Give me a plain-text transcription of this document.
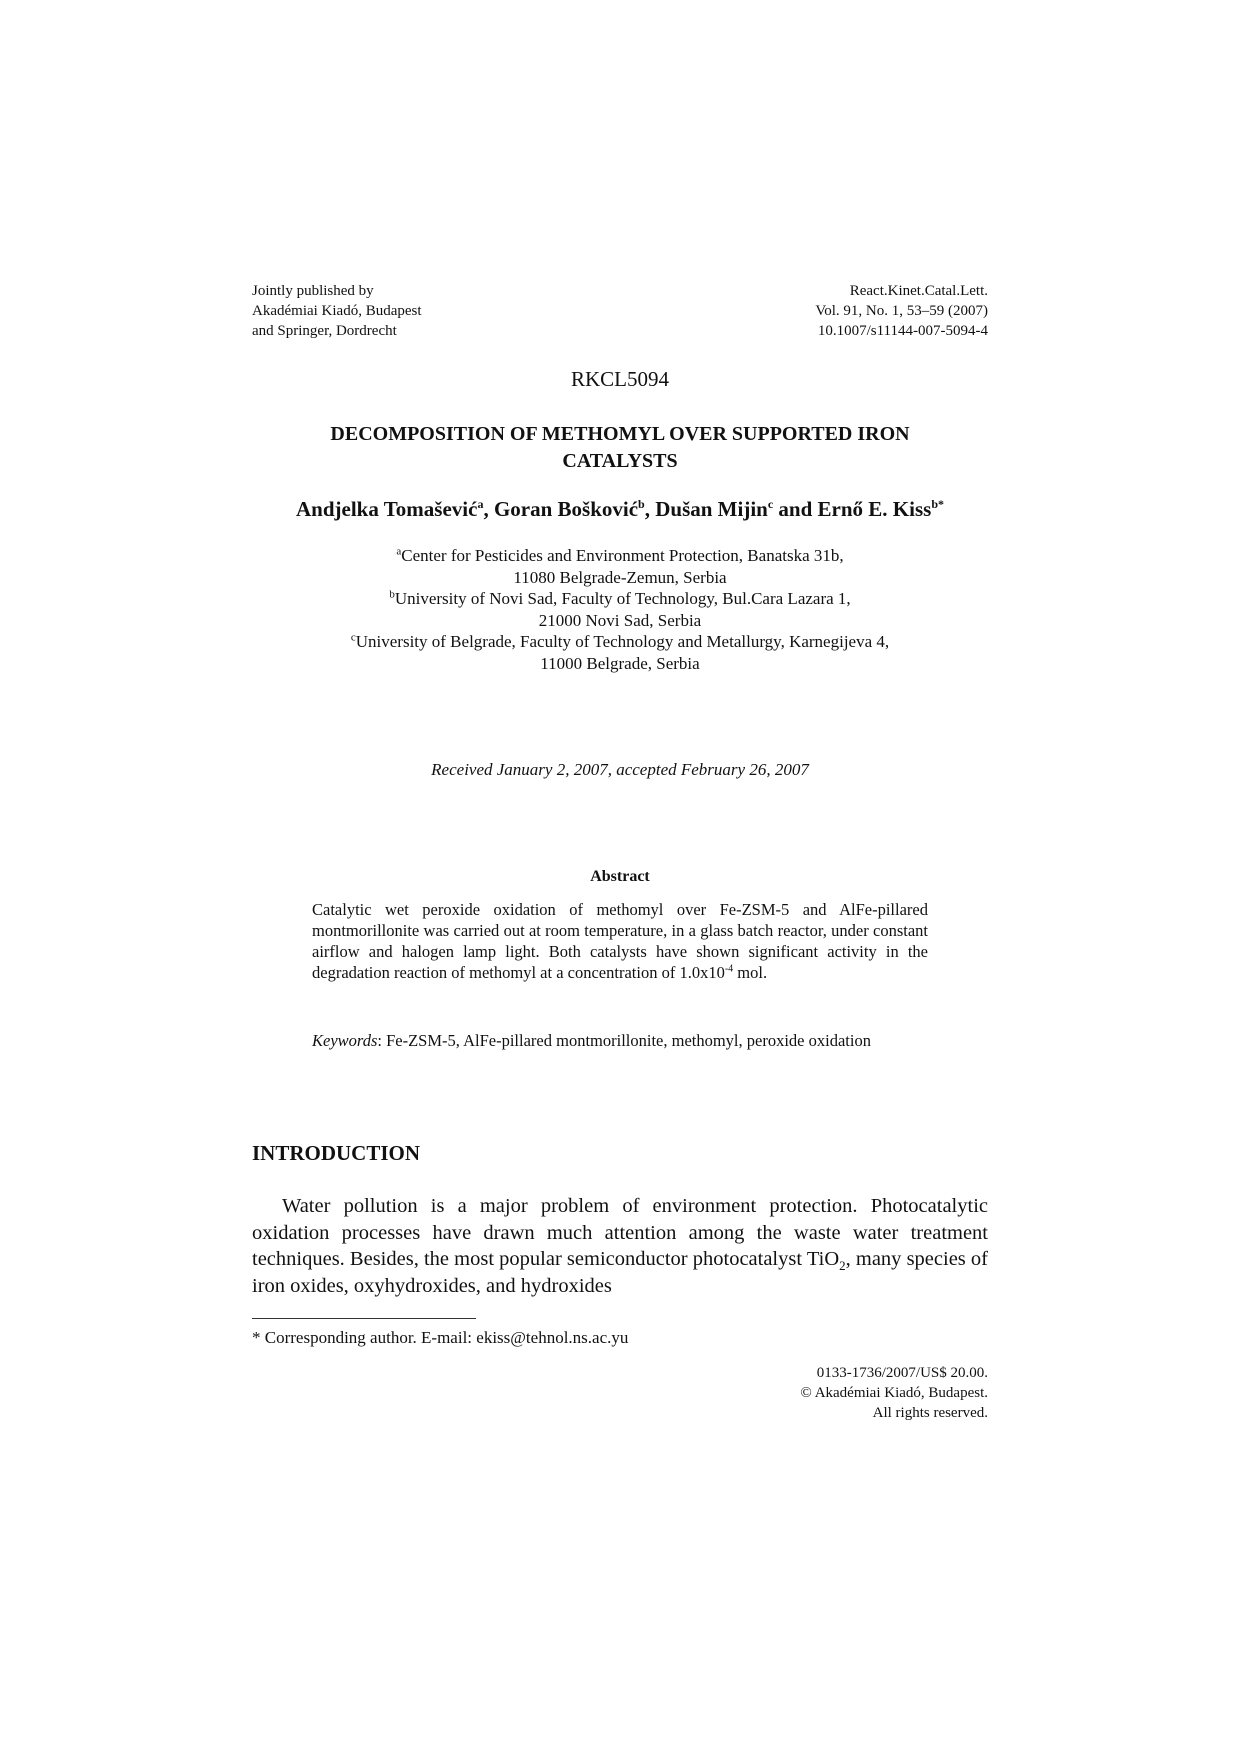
Jointly published by
Akadémiai Kiadó, Budapest
and Springer, Dordrecht
React.Kinet.Catal.Lett.
Vol. 91, No. 1, 53–59 (2007)
10.1007/s11144-007-5094-4
RKCL5094
DECOMPOSITION OF METHOMYL OVER SUPPORTED IRON
CATALYSTS
Andjelka Tomašević$^a$, Goran Bošković$^b$, Dušan Mijin$^c$ and Ernő E. Kiss$^{b*}$
$^a$Center for Pesticides and Environment Protection, Banatska 31b,
11080 Belgrade-Zemun, Serbia
$^b$University of Novi Sad, Faculty of Technology, Bul.Cara Lazara 1,
21000 Novi Sad, Serbia
$^c$University of Belgrade, Faculty of Technology and Metallurgy, Karnegijeva 4,
11000 Belgrade, Serbia
Received January 2, 2007, accepted February 26, 2007
Abstract
Catalytic wet peroxide oxidation of methomyl over Fe-ZSM-5 and AlFe-pillared montmorillonite was carried out at room temperature, in a glass batch reactor, under constant airflow and halogen lamp light. Both catalysts have shown significant activity in the degradation reaction of methomyl at a concentration of $1.0x10^{-4}$ mol.
Keywords: Fe-ZSM-5, AlFe-pillared montmorillonite, methomyl, peroxide oxidation
INTRODUCTION
Water pollution is a major problem of environment protection. Photocatalytic oxidation processes have drawn much attention among the waste water treatment techniques. Besides, the most popular semiconductor photocatalyst TiO$_2$, many species of iron oxides, oxyhydroxides, and hydroxides
* Corresponding author. E-mail: ekiss@tehnol.ns.ac.yu
0133-1736/2007/US$ 20.00.
© Akadémiai Kiadó, Budapest.
All rights reserved.
